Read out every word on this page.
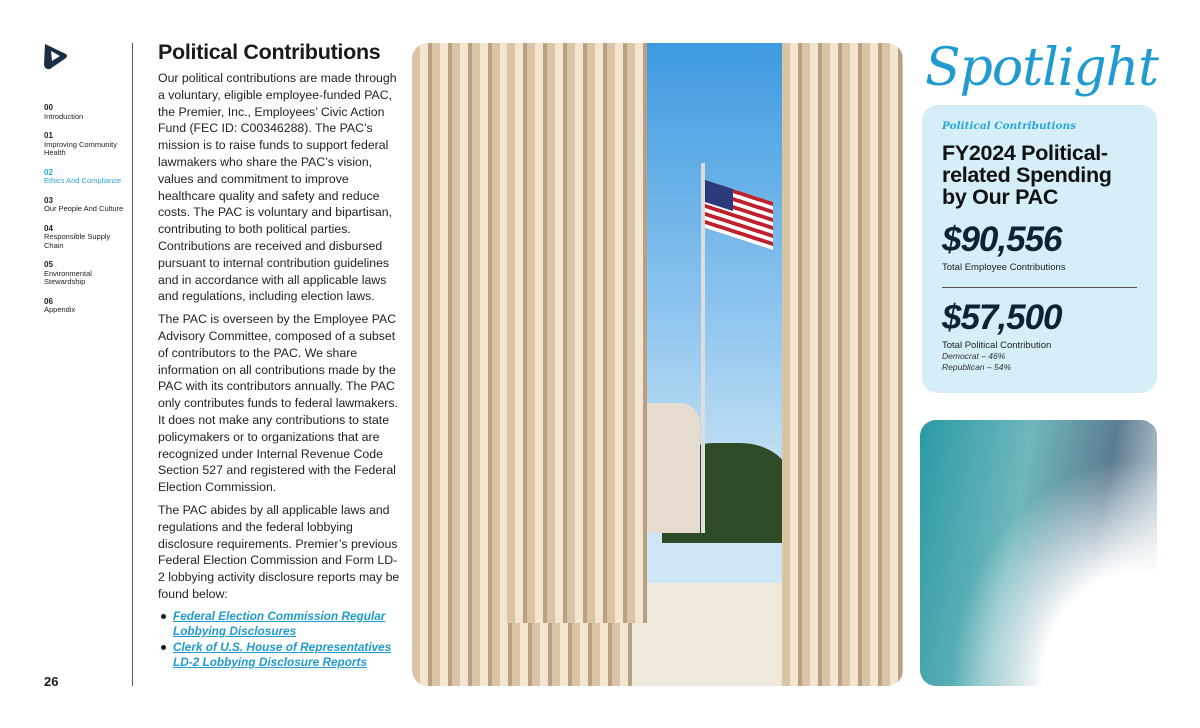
00
Introduction
01
Improving Community Health
02
Ethics And Compliance
03
Our People And Culture
04
Responsible Supply Chain
05
Environmental Stewardship
06
Appendix
26
Political Contributions

Our political contributions are made through a voluntary, eligible employee-funded PAC, the Premier, Inc., Employees’ Civic Action Fund (FEC ID: C00346288). The PAC’s mission is to raise funds to support federal lawmakers who share the PAC’s vision, values and commitment to improve healthcare quality and safety and reduce costs. The PAC is voluntary and bipartisan, contributing to both political parties. Contributions are received and disbursed pursuant to internal contribution guidelines and in accordance with all applicable laws and regulations, including election laws.

The PAC is overseen by the Employee PAC Advisory Committee, composed of a subset of contributors to the PAC. We share information on all contributions made by the PAC with its contributors annually. The PAC only contributes funds to federal lawmakers. It does not make any contributions to state policymakers or to organizations that are recognized under Internal Revenue Code Section 527 and registered with the Federal Election Commission.

The PAC abides by all applicable laws and regulations and the federal lobbying disclosure requirements. Premier’s previous Federal Election Commission and Form LD-2 lobbying activity disclosure reports may be found below:

Federal Election Commission Regular Lobbying Disclosures
Clerk of U.S. House of Representatives LD-2 Lobbying Disclosure Reports
Spotlight
Political Contributions
FY2024 Political-related Spending by Our PAC
$90,556
Total Employee Contributions
$57,500
Total Political Contribution
Democrat – 46%
Republican – 54%
